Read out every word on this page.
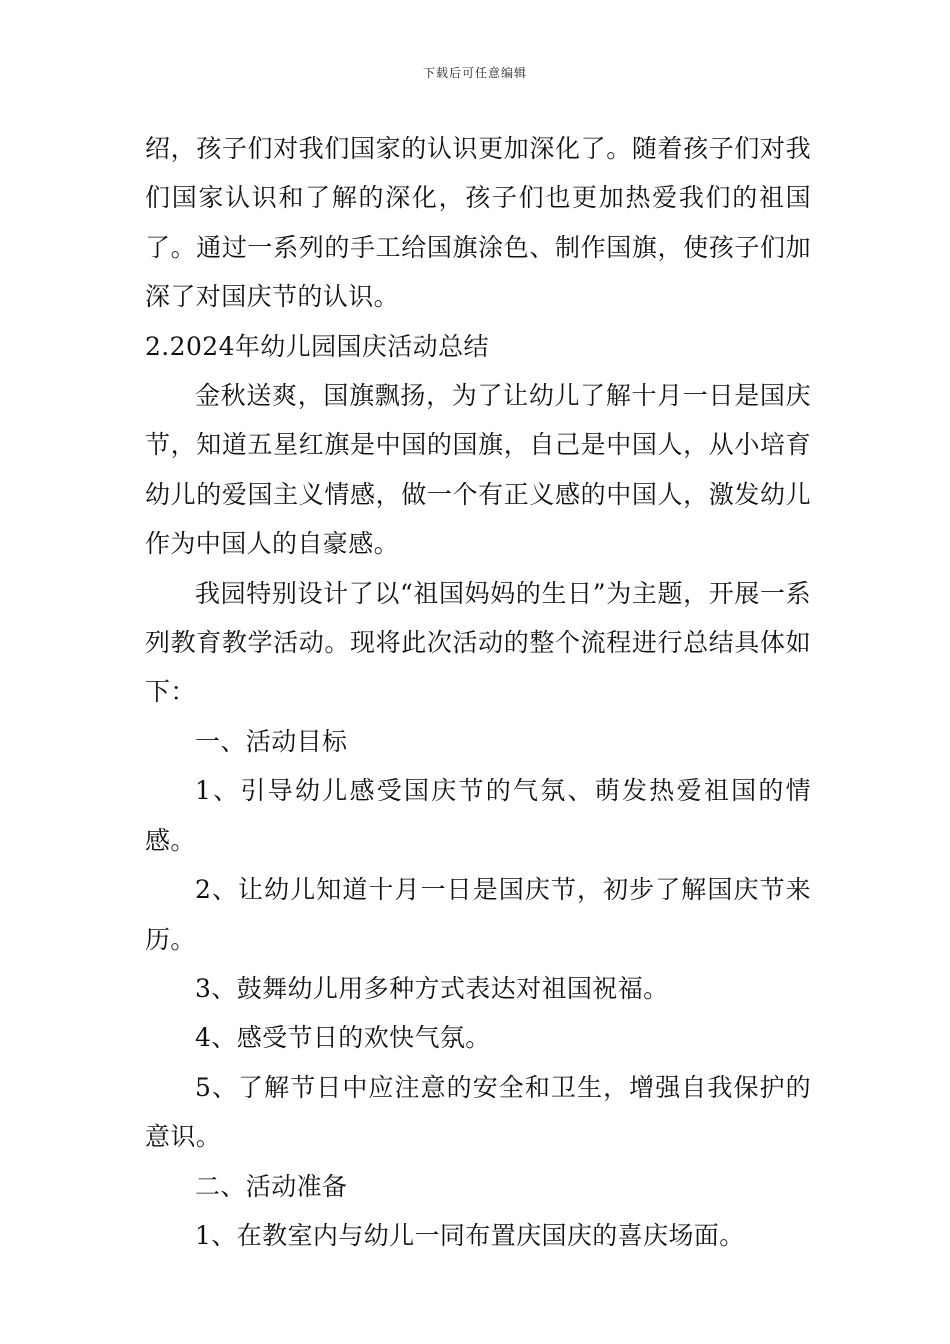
下载后可任意编辑

绍，孩子们对我们国家的认识更加深化了。随着孩子们对我们国家认识和了解的深化，孩子们也更加热爱我们的祖国了。通过一系列的手工给国旗涂色、制作国旗，使孩子们加深了对国庆节的认识。

2.2024年幼儿园国庆活动总结

金秋送爽，国旗飘扬，为了让幼儿了解十月一日是国庆节，知道五星红旗是中国的国旗，自己是中国人，从小培育幼儿的爱国主义情感，做一个有正义感的中国人，激发幼儿作为中国人的自豪感。

我园特别设计了以“祖国妈妈的生日”为主题，开展一系列教育教学活动。现将此次活动的整个流程进行总结具体如下：

一、活动目标

1、引导幼儿感受国庆节的气氛、萌发热爱祖国的情感。

2、让幼儿知道十月一日是国庆节，初步了解国庆节来历。

3、鼓舞幼儿用多种方式表达对祖国祝福。

4、感受节日的欢快气氛。

5、了解节日中应注意的安全和卫生，增强自我保护的意识。

二、活动准备

1、在教室内与幼儿一同布置庆国庆的喜庆场面。
